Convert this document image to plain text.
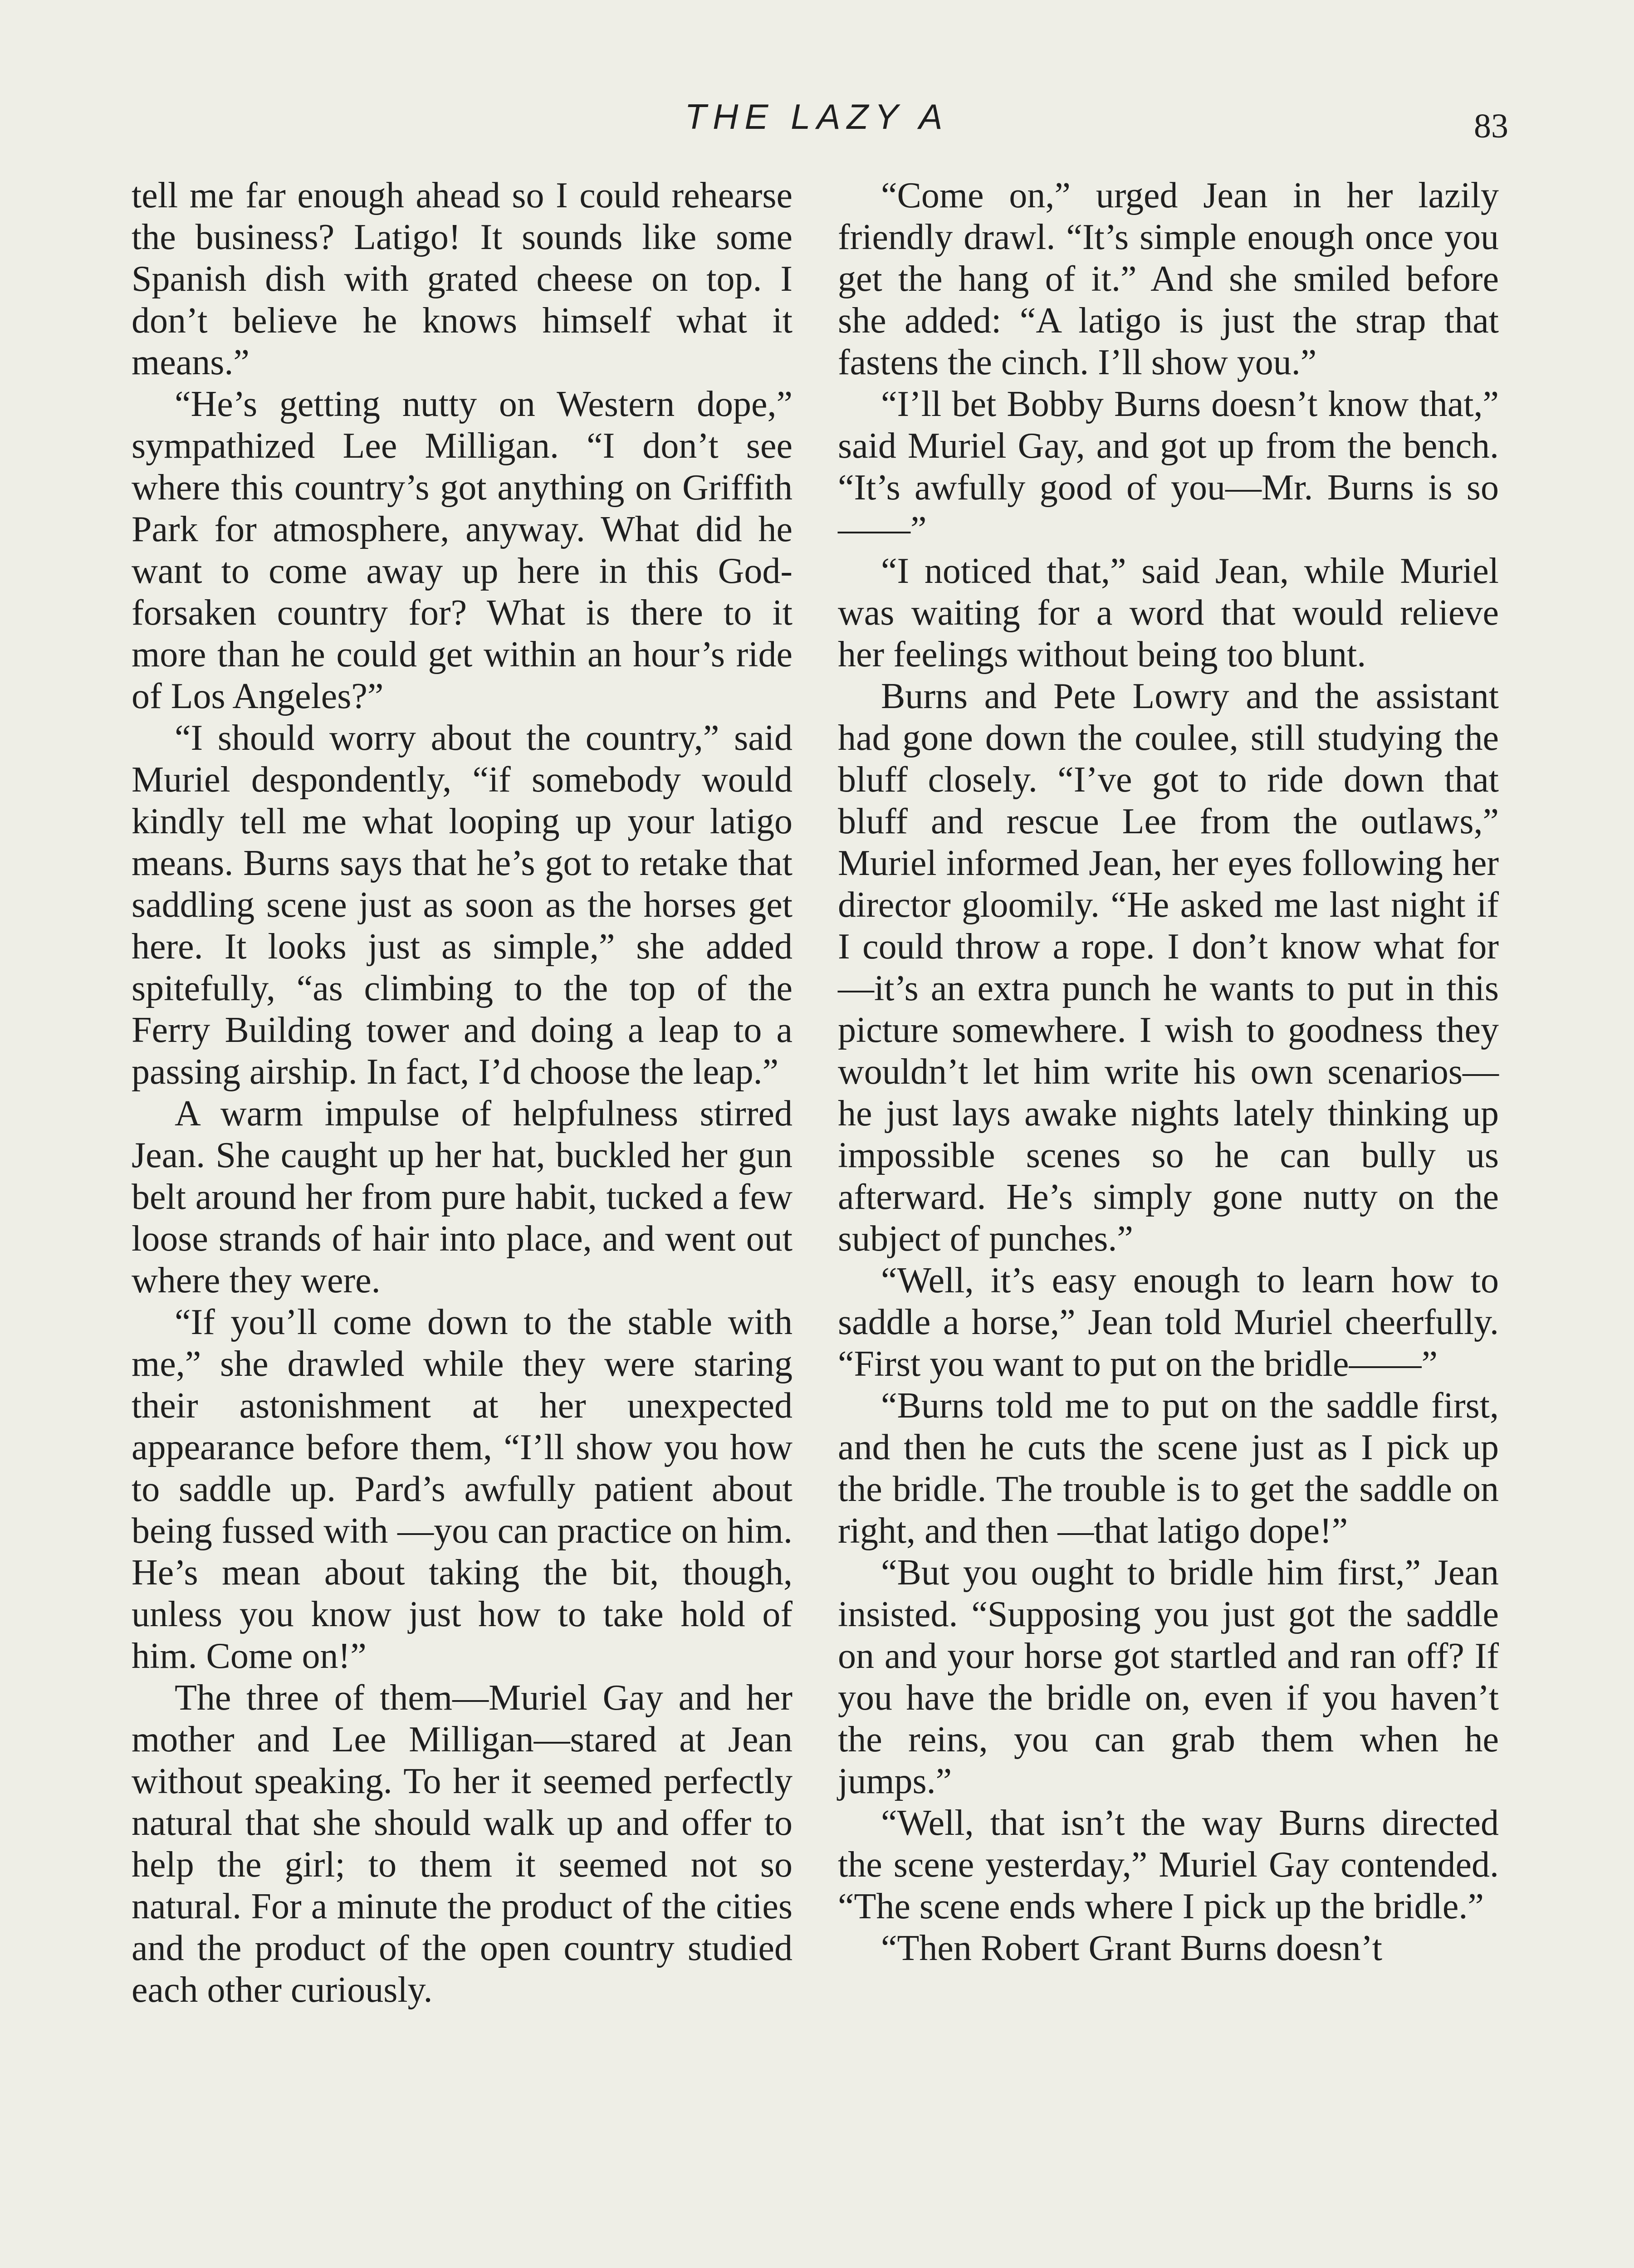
THE LAZY A	83

tell me far enough ahead so I could rehearse the business? Latigo! It sounds like some Spanish dish with grated cheese on top. I don’t believe he knows himself what it means.”

“He’s getting nutty on Western dope,” sympathized Lee Milligan. “I don’t see where this country’s got anything on Griffith Park for atmosphere, anyway. What did he want to come away up here in this God-forsaken country for? What is there to it more than he could get within an hour’s ride of Los Angeles?”

“I should worry about the country,” said Muriel despondently, “if somebody would kindly tell me what looping up your latigo means. Burns says that he’s got to retake that saddling scene just as soon as the horses get here. It looks just as simple,” she added spitefully, “as climbing to the top of the Ferry Building tower and doing a leap to a passing airship. In fact, I’d choose the leap.”

A warm impulse of helpfulness stirred Jean. She caught up her hat, buckled her gun belt around her from pure habit, tucked a few loose strands of hair into place, and went out where they were.

“If you’ll come down to the stable with me,” she drawled while they were staring their astonishment at her unexpected appearance before them, “I’ll show you how to saddle up. Pard’s awfully patient about being fussed with —you can practice on him. He’s mean about taking the bit, though, unless you know just how to take hold of him. Come on!”

The three of them—Muriel Gay and her mother and Lee Milligan—stared at Jean without speaking. To her it seemed perfectly natural that she should walk up and offer to help the girl; to them it seemed not so natural. For a minute the product of the cities and the product of the open country studied each other curiously.

“Come on,” urged Jean in her lazily friendly drawl. “It’s simple enough once you get the hang of it.” And she smiled before she added: “A latigo is just the strap that fastens the cinch. I’ll show you.”

“I’ll bet Bobby Burns doesn’t know that,” said Muriel Gay, and got up from the bench. “It’s awfully good of you—Mr. Burns is so——”

“I noticed that,” said Jean, while Muriel was waiting for a word that would relieve her feelings without being too blunt.

Burns and Pete Lowry and the assistant had gone down the coulee, still studying the bluff closely. “I’ve got to ride down that bluff and rescue Lee from the outlaws,” Muriel informed Jean, her eyes following her director gloomily. “He asked me last night if I could throw a rope. I don’t know what for—it’s an extra punch he wants to put in this picture somewhere. I wish to goodness they wouldn’t let him write his own scenarios—he just lays awake nights lately thinking up impossible scenes so he can bully us afterward. He’s simply gone nutty on the subject of punches.”

“Well, it’s easy enough to learn how to saddle a horse,” Jean told Muriel cheerfully. “First you want to put on the bridle——”

“Burns told me to put on the saddle first, and then he cuts the scene just as I pick up the bridle. The trouble is to get the saddle on right, and then —that latigo dope!”

“But you ought to bridle him first,” Jean insisted. “Supposing you just got the saddle on and your horse got startled and ran off? If you have the bridle on, even if you haven’t the reins, you can grab them when he jumps.”

“Well, that isn’t the way Burns directed the scene yesterday,” Muriel Gay contended. “The scene ends where I pick up the bridle.”

“Then Robert Grant Burns doesn’t
